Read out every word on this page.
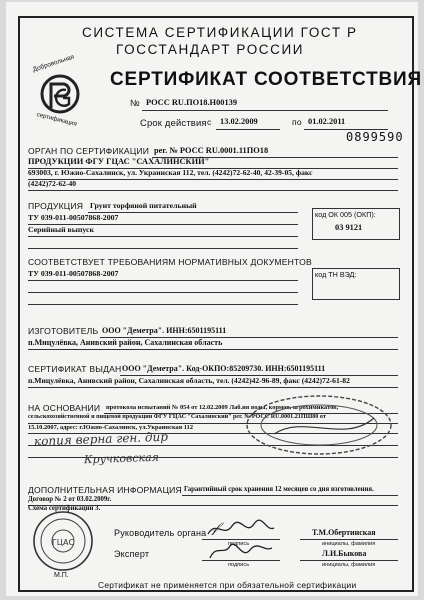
СИСТЕМА СЕРТИФИКАЦИИ ГОСТ Р
ГОССТАНДАРТ РОССИИ
Добровольная
сертификация
СЕРТИФИКАТ СООТВЕТСТВИЯ
№ РОСС RU.ПО18.Н00139
Срок действия с 13.02.2009	по 01.02.2011
0899590
ОРГАН ПО СЕРТИФИКАЦИИ рег. № РОСС RU.0001.11ПО18
ПРОДУКЦИИ ФГУ ГЦАС "САХАЛИНСКИЙ"
693003, г. Южно-Сахалинск, ул. Украинская 112, тел. (4242)72-62-40, 42-39-05, факс
(4242)72-62-40
ПРОДУКЦИЯ Грунт торфяной питательный
ТУ 039-011-00507868-2007
Серийный выпуск
код ОК 005 (ОКП):
03 9121
СООТВЕТСТВУЕТ ТРЕБОВАНИЯМ НОРМАТИВНЫХ ДОКУМЕНТОВ
ТУ 039-011-00507868-2007	код ТН ВЭД:
ИЗГОТОВИТЕЛЬ ООО "Деметра". ИНН:6501195111
п.Мицулёвка, Анивский район, Сахалинская область
СЕРТИФИКАТ ВЫДАН ООО "Деметра". Код-ОКПО:85209730. ИНН:6501195111
п.Мицулёвка, Анивский район, Сахалинская область, тел. (4242)42-96-89, факс (4242)72-61-82
НА ОСНОВАНИИ протокола испытаний № 054 от 12.02.2009 Лаб.ия воды, кормов, агрохимикатов,
сельскохозяйственной и пищевой продукции ФГУ ГЦАС "Сахалинский" рег. № РОСС RU.0001.21ПШ80 от
15.10.2007, адрес: г.Южно-Сахалинск, ул.Украинская 112
копия верна ген. дир
Кручковская
ДОПОЛНИТЕЛЬНАЯ ИНФОРМАЦИЯ Гарантийный срок хранения 12 месяцев со дня изготовления.
Договор № 2 от 03.02.2009г.
Схема сертификации 3.
ГЦАС
М.П.
Руководитель органа 𝒻
подпись
Т.М.Обертинская
инициалы, фамилия
Эксперт
подпись
Л.И.Быкова
инициалы, фамилия
Сертификат не применяется при обязательной сертификации
